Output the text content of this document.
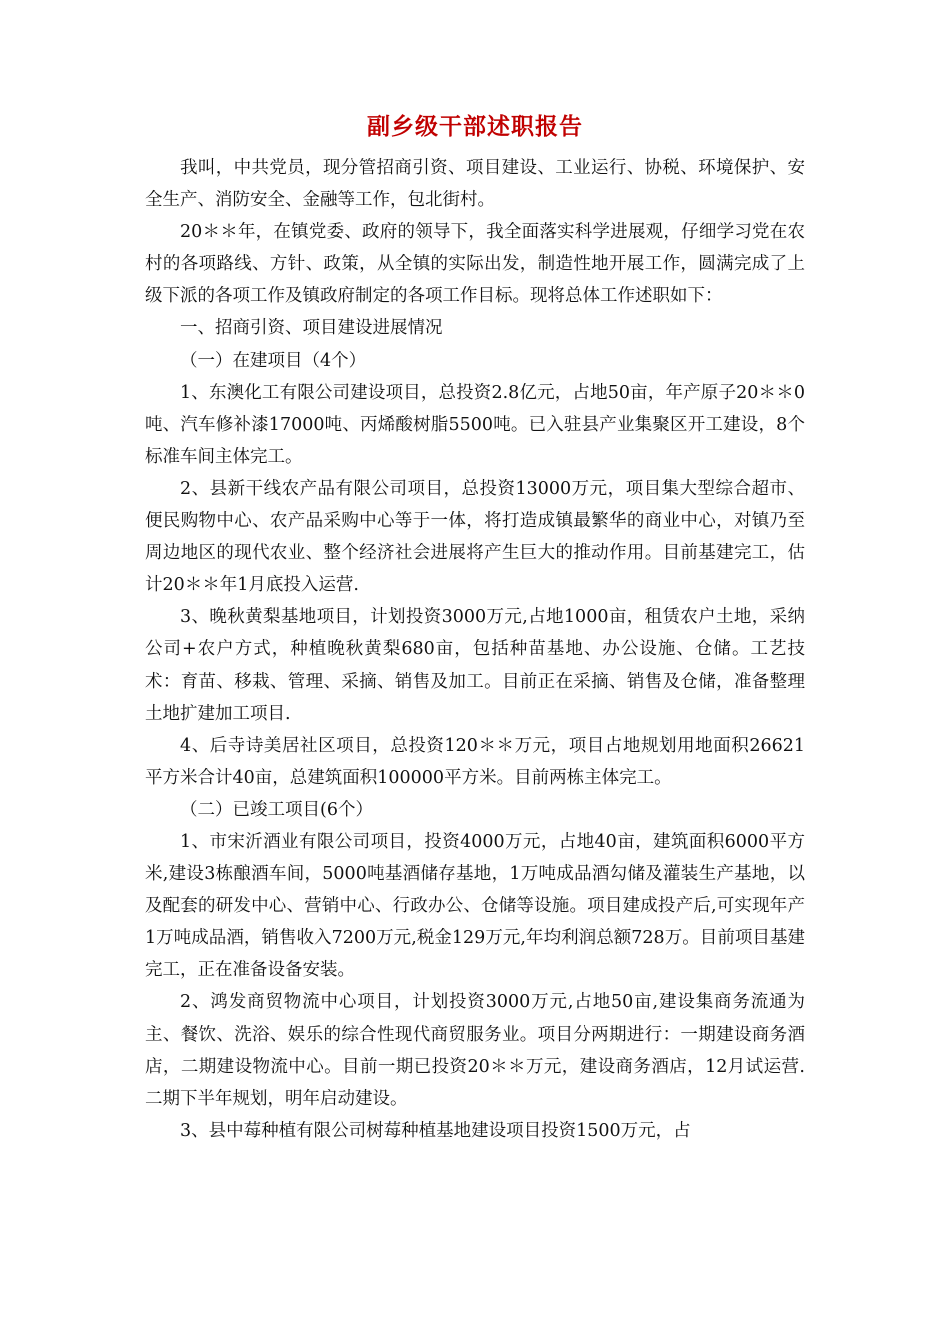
副乡级干部述职报告

我叫，中共党员，现分管招商引资、项目建设、工业运行、协税、环境保护、安全生产、消防安全、金融等工作，包北街村。

20＊＊年，在镇党委、政府的领导下，我全面落实科学进展观，仔细学习党在农村的各项路线、方针、政策，从全镇的实际出发，制造性地开展工作，圆满完成了上级下派的各项工作及镇政府制定的各项工作目标。现将总体工作述职如下：

一、招商引资、项目建设进展情况

（一）在建项目（4个）

1、东澳化工有限公司建设项目，总投资2.8亿元，占地50亩，年产原子20＊＊0吨、汽车修补漆17000吨、丙烯酸树脂5500吨。已入驻县产业集聚区开工建设，8个标准车间主体完工。

2、县新干线农产品有限公司项目，总投资13000万元，项目集大型综合超市、便民购物中心、农产品采购中心等于一体，将打造成镇最繁华的商业中心，对镇乃至周边地区的现代农业、整个经济社会进展将产生巨大的推动作用。目前基建完工，估计20＊＊年1月底投入运营.

3、晚秋黄梨基地项目，计划投资3000万元,占地1000亩，租赁农户土地，采纳公司+农户方式，种植晚秋黄梨680亩，包括种苗基地、办公设施、仓储。工艺技术：育苗、移栽、管理、采摘、销售及加工。目前正在采摘、销售及仓储，准备整理土地扩建加工项目.

4、后寺诗美居社区项目，总投资120＊＊万元，项目占地规划用地面积26621平方米合计40亩，总建筑面积100000平方米。目前两栋主体完工。

（二）已竣工项目(6个）

1、市宋沂酒业有限公司项目，投资4000万元，占地40亩，建筑面积6000平方米,建设3栋酿酒车间，5000吨基酒储存基地，1万吨成品酒勾储及灌装生产基地，以及配套的研发中心、营销中心、行政办公、仓储等设施。项目建成投产后,可实现年产1万吨成品酒，销售收入7200万元,税金129万元,年均利润总额728万。目前项目基建完工，正在准备设备安装。

2、鸿发商贸物流中心项目，计划投资3000万元,占地50亩,建设集商务流通为主、餐饮、洗浴、娱乐的综合性现代商贸服务业。项目分两期进行：一期建设商务酒店，二期建设物流中心。目前一期已投资20＊＊万元，建设商务酒店，12月试运营.二期下半年规划，明年启动建设。

3、县中莓种植有限公司树莓种植基地建设项目投资1500万元，占
